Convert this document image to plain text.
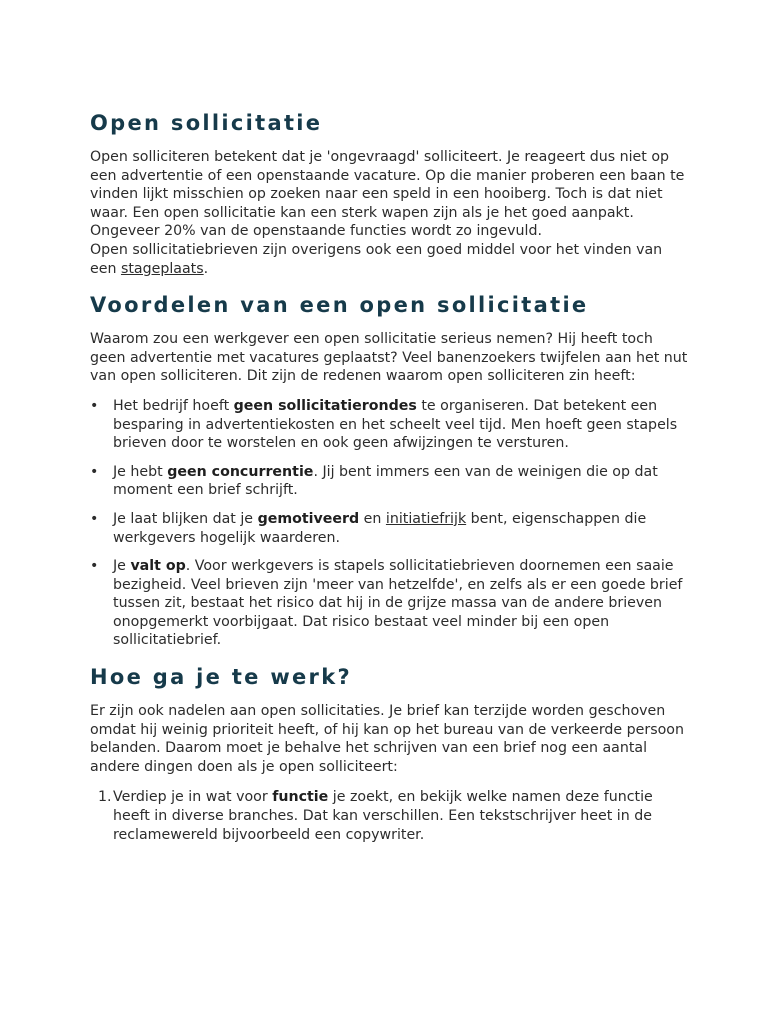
Open sollicitatie

Open solliciteren betekent dat je 'ongevraagd' solliciteert. Je reageert dus niet op een advertentie of een openstaande vacature. Op die manier proberen een baan te vinden lijkt misschien op zoeken naar een speld in een hooiberg. Toch is dat niet waar. Een open sollicitatie kan een sterk wapen zijn als je het goed aanpakt. Ongeveer 20% van de openstaande functies wordt zo ingevuld.

Open sollicitatiebrieven zijn overigens ook een goed middel voor het vinden van een stageplaats.

Voordelen van een open sollicitatie

Waarom zou een werkgever een open sollicitatie serieus nemen? Hij heeft toch geen advertentie met vacatures geplaatst? Veel banenzoekers twijfelen aan het nut van open solliciteren. Dit zijn de redenen waarom open solliciteren zin heeft:

• Het bedrijf hoeft geen sollicitatierondes te organiseren. Dat betekent een besparing in advertentiekosten en het scheelt veel tijd. Men hoeft geen stapels brieven door te worstelen en ook geen afwijzingen te versturen.
• Je hebt geen concurrentie. Jij bent immers een van de weinigen die op dat moment een brief schrijft.
• Je laat blijken dat je gemotiveerd en initiatiefrijk bent, eigenschappen die werkgevers hogelijk waarderen.
• Je valt op. Voor werkgevers is stapels sollicitatiebrieven doornemen een saaie bezigheid. Veel brieven zijn 'meer van hetzelfde', en zelfs als er een goede brief tussen zit, bestaat het risico dat hij in de grijze massa van de andere brieven onopgemerkt voorbijgaat. Dat risico bestaat veel minder bij een open sollicitatiebrief.
Hoe ga je te werk?

Er zijn ook nadelen aan open sollicitaties. Je brief kan terzijde worden geschoven omdat hij weinig prioriteit heeft, of hij kan op het bureau van de verkeerde persoon belanden. Daarom moet je behalve het schrijven van een brief nog een aantal andere dingen doen als je open solliciteert:

1. Verdiep je in wat voor functie je zoekt, en bekijk welke namen deze functie heeft in diverse branches. Dat kan verschillen. Een tekstschrijver heet in de reclamewereld bijvoorbeeld een copywriter.
